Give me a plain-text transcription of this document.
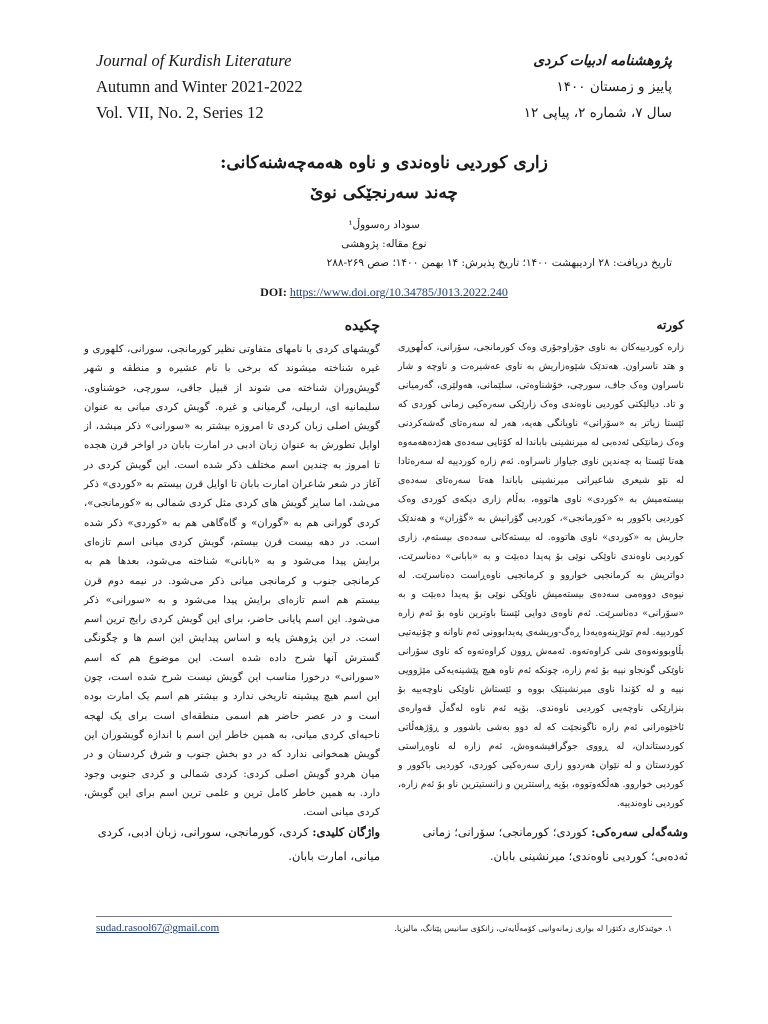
Journal of Kurdish Literature
Autumn and Winter 2021-2022
Vol. VII, No. 2, Series 12
پژوهشنامه ادبیات کردی
پاییز و زمستان ۱۴۰۰
سال ۷، شماره ۲، پیاپی ۱۲
زاری کوردیی ناوەندی و ناوە هەمەچەشنەکانی:
چەند سەرنجێکی نوێ
سوداد رەسووڵ¹
نوع مقاله: پژوهشی
تاریخ دریافت: ۲۸ اردیبهشت ۱۴۰۰؛ تاریخ پذیرش: ۱۴ بهمن ۱۴۰۰؛ صص ۲۶۹-۲۸۸
DOI: https://www.doi.org/10.34785/J013.2022.240
چکیده

گویشهای کردی با نامهای متفاوتی نظیر کورمانجی، سورانی، کلهوری و غیره شناخته میشوند که برخی با نام عشیره و منطقه و شهر گویش‌وران شناخته می شوند از قبیل جاقی، سورچی، خوشناوی، سلیمانیه ای، اربیلی، گرمیانی و غیره. گویش کردی میانی به عنوان گویش اصلی زبان کردی تا امروزه بیشتر به «سورانی» ذکر میشد، از اوایل تطورش به عنوان زبان ادبی در امارت بابان در اواخر قرن هجده تا امروز به چندین اسم مختلف ذکر شده است. این گویش کردی در آغاز در شعر شاعران امارت بابان تا اوایل قرن بیستم به «کوردی» ذکر می‌شد، اما سایر گویش های کردی مثل کردی شمالی به «کورمانجی»، کردی گورانی هم به «گوران» و گاه‌گاهی هم به «کوردی» ذکر شده است. در دهه بیست قرن بیستم، گویش کردی میانی اسم تازه‌ای برایش پیدا می‌شود و به «بابانی» شناخته می‌شود، بعدها هم به کرمانجی جنوب و کرمانجی میانی ذکر می‌شود. در نیمه دوم قرن بیستم هم اسم تازه‌ای برایش پیدا می‌شود و به «سورانی» ذکر می‌شود. این اسم پایانی حاضر، برای این گویش کردی رایج ترین اسم است. در این پژوهش پایه و اساس پیدایش این اسم ها و چگونگی گسترش آنها شرح داده شده است. این موضوع هم که اسم «سورانی» درخورا مناسب این گویش نیست شرح شده است، چون این اسم هیچ پیشینه تاریخی ندارد و بیشتر هم اسم یک امارت بوده است و در عصر حاضر هم اسمی منطقه‌ای است برای یک لهجه ناحیه‌ای کردی میانی، به همین خاطر این اسم با اندازه گویشوران این گویش همخوانی ندارد که در دو بخش جنوب و شرق کردستان و در میان هردو گویش اصلی کردی: کردی شمالی و کردی جنوبی وجود دارد. به همین خاطر کامل ترین و علمی ترین اسم برای این گویش، کردی میانی است.

کورتە

زارە کوردییەکان بە ناوی جۆراوجۆری وەک کورمانجی، سۆرانی، کەڵهوڕی و هتد ناسراون. هەندێک شێوەزاریش بە ناوی عەشیرەت و ناوچە و شار ناسراون وەک جاف، سورچی، خۆشناوەتی، سلێمانی، هەولێری، گەرمیانی و تاد. دیالێکتی کوردیی ناوەندی وەک زارێکی سەرەکیی زمانی کوردی کە ئێستا زیاتر بە «سۆرانی» ناویانگی هەیە، هەر لە سەرەتای گەشەکردنی وەک زمانێکی ئەدەبی لە میرنشینی باباندا لە کۆتایی سەدەی هەژدەهەمەوە هەتا ئێستا بە چەندین ناوی جیاواز ناسراوە. ئەم زارە کوردییە لە سەرەتادا لە نێو شیعری شاعیرانی میرنشینی باباندا هەتا سەرەتای سەدەی بیستەمیش بە «کوردی» ناوی هاتووە، بەڵام زاری دیکەی کوردی وەک کوردیی باکوور بە «کورمانجی»، کوردیی گۆرانیش بە «گۆران» و هەندێک جاریش بە «کوردی» ناوی هاتووە. لە بیستەکانی سەدەی بیستەم، زاری کوردیی ناوەندی ناوێکی نوێی بۆ پەیدا دەبێت و بە «بابانی» دەناسرێت، دواتریش بە کرمانجیی خواروو و کرمانجیی ناوەڕاست دەناسرێت. لە نیوەی دووەمی سەدەی بیستەمیش ناوێکی نوێی بۆ پەیدا دەبێت و بە «سۆرانی» دەناسرێت. ئەم ناوەی دوایی ئێستا باوترین ناوە بۆ ئەم زارە کوردییە. لەم توێژینەوەیەدا ڕەگ-وریشەی پەیدابوونی ئەم ناوانە و چۆنیەتیی بڵاوبوونەوەی شی کراوەتەوە. ئەمەش ڕوون کراوەتەوە کە ناوی سۆرانی ناوێکی گونجاو نییە بۆ ئەم زارە، چونکە ئەم ناوە هیچ پێشینەیەکی مێژوویی نییە و لە کۆندا ناوی میرنشینێک بووە و ئێستاش ناوێکی ناوچەییە بۆ بنزارێکی ناوچەیی کوردیی ناوەندی. بۆیە ئەم ناوە لەگەڵ قەوارەی ئاخێوەرانی ئەم زارە ناگونجێت کە لە دوو بەشی باشوور و ڕۆژهەڵاتی کوردستاندان، لە ڕووی جوگرافیشەوەش، ئەم زارە لە ناوەڕاستی کوردستان و لە نێوان هەردوو زاری سەرەکیی کوردی، کوردیی باکوور و کوردیی خواروو. هەڵکەوتووە، بۆیە ڕاستترین و زانستیترین ناو بۆ ئەم زارە، کوردیی ناوەندییە.

واژگان کلیدی: کردی، کورمانجی، سورانی، زبان ادبی، کردی میانی، امارت بابان.
وشەگەلی سەرەکی: کوردی؛ کورمانجی؛ سۆرانی؛ زمانی ئەدەبی؛ کوردیی ناوەندی؛ میرنشینی بابان.
sudad.rasool67@gmail.com	۱. خوێندکاری دکتۆرا لە بواری زمانەوانیی کۆمەڵایەتی، زانکۆی سانیس پێتانگ، مالیزیا.
